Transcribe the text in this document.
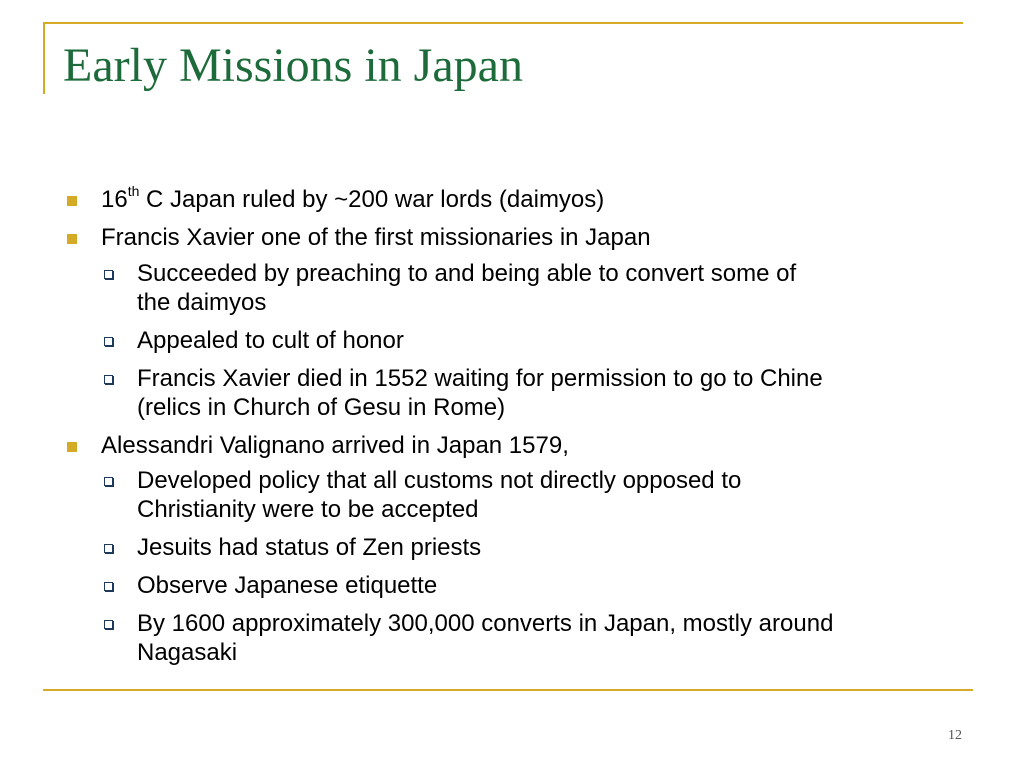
Early Missions in Japan
16th C Japan ruled by ~200 war lords (daimyos)
Francis Xavier one of the first missionaries in Japan
Succeeded by preaching to and being able to convert some of
the daimyos
Appealed to cult of honor
Francis Xavier died in 1552 waiting for permission to go to Chine
(relics in Church of Gesu in Rome)
Alessandri Valignano arrived in Japan 1579,
Developed policy that all customs not directly opposed to
Christianity were to be accepted
Jesuits had status of Zen priests
Observe Japanese etiquette
By 1600 approximately 300,000 converts in Japan, mostly around
Nagasaki
12
